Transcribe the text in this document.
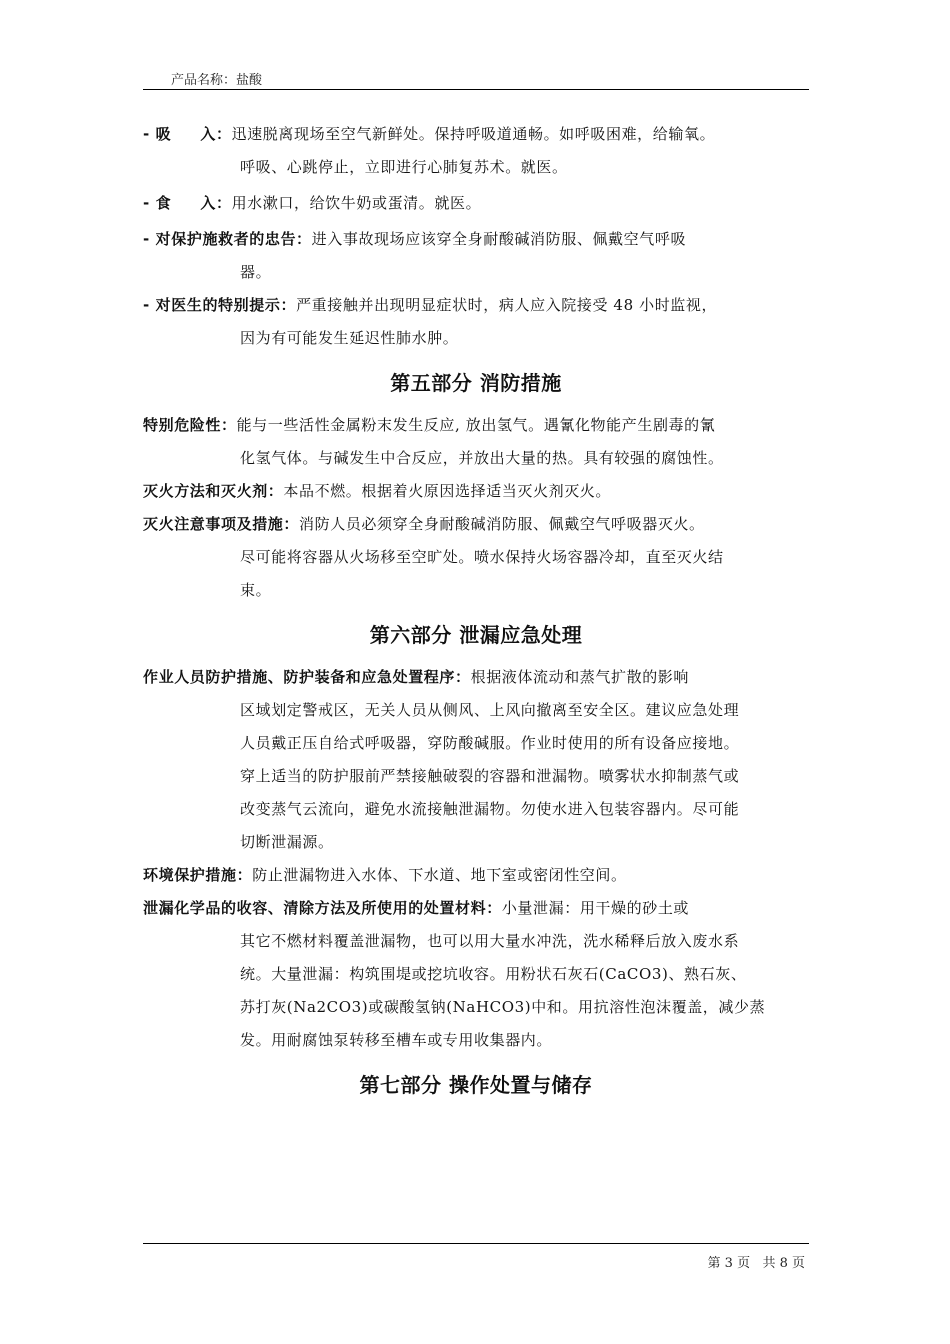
产品名称：盐酸
- 吸     入：迅速脱离现场至空气新鲜处。保持呼吸道通畅。如呼吸困难，给输氧。
呼吸、心跳停止，立即进行心肺复苏术。就医。
- 食     入：用水漱口，给饮牛奶或蛋清。就医。
- 对保护施救者的忠告：进入事故现场应该穿全身耐酸碱消防服、佩戴空气呼吸
器。
- 对医生的特别提示：严重接触并出现明显症状时，病人应入院接受 48 小时监视，
因为有可能发生延迟性肺水肿。
第五部分 消防措施
特别危险性：能与一些活性金属粉末发生反应, 放出氢气。遇氰化物能产生剧毒的氰
化氢气体。与碱发生中合反应，并放出大量的热。具有较强的腐蚀性。
灭火方法和灭火剂：本品不燃。根据着火原因选择适当灭火剂灭火。
灭火注意事项及措施：消防人员必须穿全身耐酸碱消防服、佩戴空气呼吸器灭火。
尽可能将容器从火场移至空旷处。喷水保持火场容器冷却，直至灭火结
束。
第六部分 泄漏应急处理
作业人员防护措施、防护装备和应急处置程序：根据液体流动和蒸气扩散的影响
区域划定警戒区，无关人员从侧风、上风向撤离至安全区。建议应急处理
人员戴正压自给式呼吸器，穿防酸碱服。作业时使用的所有设备应接地。
穿上适当的防护服前严禁接触破裂的容器和泄漏物。喷雾状水抑制蒸气或
改变蒸气云流向，避免水流接触泄漏物。勿使水进入包装容器内。尽可能
切断泄漏源。
环境保护措施：防止泄漏物进入水体、下水道、地下室或密闭性空间。
泄漏化学品的收容、清除方法及所使用的处置材料：小量泄漏：用干燥的砂土或
其它不燃材料覆盖泄漏物，也可以用大量水冲洗，洗水稀释后放入废水系
统。大量泄漏：构筑围堤或挖坑收容。用粉状石灰石(CaCO3)、熟石灰、
苏打灰(Na2CO3)或碳酸氢钠(NaHCO3)中和。用抗溶性泡沫覆盖，减少蒸
发。用耐腐蚀泵转移至槽车或专用收集器内。
第七部分 操作处置与储存
第 3 页   共 8 页
